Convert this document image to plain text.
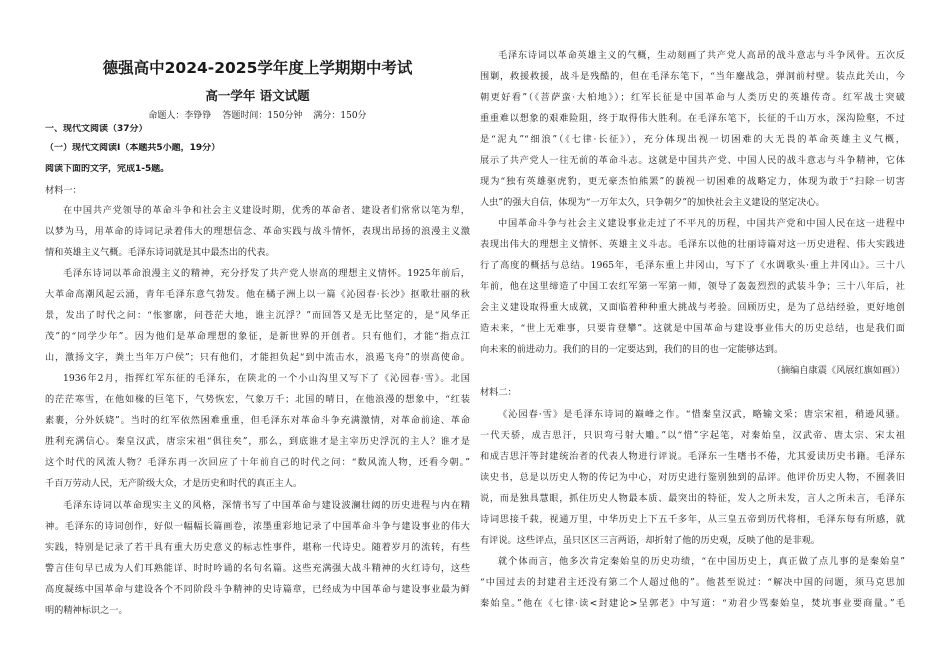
德强高中2024-2025学年度上学期期中考试
高一学年 语文试题
命题人：李铮铮 答题时间：150分钟 满分：150分
一、现代文阅读（37分）
（一）现代文阅读Ⅰ（本题共5小题，19分）
阅读下面的文字，完成1-5题。
材料一：
在中国共产党领导的革命斗争和社会主义建设时期，优秀的革命者、建设者们常常以笔为犁，
以梦为马，用革命的诗词记录着伟大的理想信念、革命实践与战斗情怀，表现出昂扬的浪漫主义激
情和英雄主义气概。毛泽东诗词就是其中最杰出的代表。
毛泽东诗词以革命浪漫主义的精神，充分抒发了共产党人崇高的理想主义情怀。1925年前后，
大革命高潮风起云涌，青年毛泽东意气勃发。他在橘子洲上以一篇《沁园春·长沙》抠歌壮丽的秋
景，发出了时代之问：“怅寥廓，问苍茫大地，谁主沉浮？”而回答又是无比坚定的，是“风华正
茂”的“同学少年”。因为他们是革命理想的象征，是新世界的开创者。只有他们，才能“指点江
山，激扬文字，粪土当年万户侯”；只有他们，才能担负起“到中流击水，浪遏飞舟”的崇高使命。
1936年2月，指挥红军东征的毛泽东，在陕北的一个小山沟里又写下了《沁园春·雪》。北国
的茫茫寒雪，在他如椽的巨笔下，气势恢宏，气象万千；北国的晴日，在他浪漫的想象中，“红装
素裹，分外妖娆”。当时的红军依然困难重重，但毛泽东对革命斗争充满激情，对革命前途、革命
胜利充满信心。秦皇汉武，唐宗宋祖“俱往矣”，那么，到底谁才是主宰历史浮沉的主人？谁才是
这个时代的风流人物？毛泽东再一次回应了十年前自己的时代之问：“数风流人物，还看今朝。”
千百万劳动人民，无产阶级大众，才是历史和时代的真正主人。
毛泽东诗词以革命现实主义的风格，深情书写了中国革命与建设波澜壮阔的历史进程与内在精
神。毛泽东的诗词创作，好似一幅幅长篇画卷，浓墨重彩地记录了中国革命斗争与建设事业的伟大
实践，特别是记录了若干具有重大历史意义的标志性事件，堪称一代诗史。随着岁月的流转，有些
警言佳句早已成为人们耳熟能详、时时吟诵的名句名篇。这些充满强大战斗精神的火红诗句，这些
高度凝练中国革命与建设各个不同阶段斗争精神的史诗篇章，已经成为中国革命与建设事业最为鲜
明的精神标识之一。
毛泽东诗词以革命英雄主义的气概，生动刻画了共产党人高昂的战斗意志与斗争风骨。五次反
围剿，救援救援，战斗是残酷的，但在毛泽东笔下，“当年鏖战急，弹洞前村壁。装点此关山，今
朝更好看”（《菩萨蛮·大柏地》）；红军长征是中国革命与人类历史的英雄传奇。红军战士突破
重重难以想象的艰难险阻，终于取得伟大胜利。在毛泽东笔下，长征的千山万水，深沟险壑，不过
是“泥丸”“细浪”（《七律·长征》），充分体现出视一切困难的大无畏的革命英雄主义气概，
展示了共产党人一往无前的革命斗志。这就是中国共产党、中国人民的战斗意志与斗争精神，它体
现为“独有英雄驱虎豹，更无豪杰怕熊罴”的藐视一切困难的战略定力，体现为敢于“扫除一切害
人虫”的强大自信，体现为“一万年太久，只争朝夕”的加快社会主义建设的坚定决心。
中国革命斗争与社会主义建设事业走过了不平凡的历程，中国共产党和中国人民在这一进程中
表现出伟大的理想主义情怀、英雄主义斗志。毛泽东以他的壮丽诗篇对这一历史进程、伟大实践进
行了高度的概括与总结。1965年，毛泽东重上井冈山，写下了《水调歌头·重上井冈山》。三十八
年前，他在这里缔造了中国工农红军第一军第一师，领导了轰轰烈烈的武装斗争；三十八年后，社
会主义建设取得重大成就，又面临着种种重大挑战与考验。回顾历史，是为了总结经验，更好地创
造未来，“世上无难事，只要肯登攀”。这就是中国革命与建设事业伟大的历史总结，也是我们面
向未来的前进动力。我们的目的一定要达到，我们的目的也一定能够达到。
（摘编自康震《风展红旗如画》）
材料二：
《沁园春·雪》是毛泽东诗词的巅峰之作。“惜秦皇汉武，略输文采；唐宗宋祖，稍逊风骚。
一代天骄，成吉思汗，只识弯弓射大雕。”以“惜”字起笔，对秦始皇，汉武帝、唐太宗、宋太祖
和成吉思汗等封建统治者的代表人物进行评说。毛泽东一生嗜书不倦，尤其爱读历史书籍。毛泽东
读史书，总是以历史人物的传记为中心，对历史进行鉴别独到的品评。他评价历史人物，不囿袭旧
说，而是独具慧眼，抓住历史人物最本质、最突出的特征，发人之所未发，言人之所未言，毛泽东
诗词思接千载，视通万里，中华历史上下五千多年，从三皇五帝到历代将相，毛泽东每有所感，就
有评说。这些评点，虽只区区三言两语，却折射了他的历史观，反映了他的是非观。
就个体而言，他多次肯定秦始皇的历史功绩，“在中国历史上，真正做了点儿事的是秦始皇”
“中国过去的封建君主还没有第二个人超过他的”。他甚至说过：“解决中国的问题，须马克思加
秦始皇。”他在《七律·读<封建论>呈郭老》中写道：“劝君少骂秦始皇，焚坑事业要商量。”毛
